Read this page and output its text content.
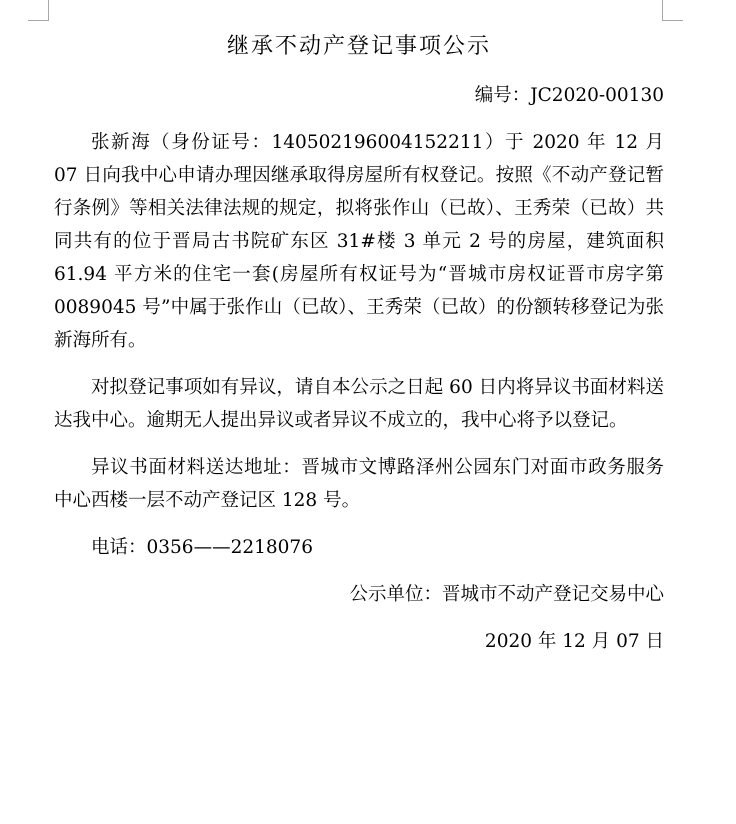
继承不动产登记事项公示

编号：JC2020-00130

张新海（身份证号：140502196004152211）于 2020 年 12 月 07 日向我中心申请办理因继承取得房屋所有权登记。按照《不动产登记暂行条例》等相关法律法规的规定，拟将张作山（已故）、王秀荣（已故）共同共有的位于晋局古书院矿东区 31#楼 3 单元 2 号的房屋，建筑面积 61.94 平方米的住宅一套(房屋所有权证号为“晋城市房权证晋市房字第 0089045 号”中属于张作山（已故）、王秀荣（已故）的份额转移登记为张新海所有。

对拟登记事项如有异议，请自本公示之日起 60 日内将异议书面材料送达我中心。逾期无人提出异议或者异议不成立的，我中心将予以登记。

异议书面材料送达地址：晋城市文博路泽州公园东门对面市政务服务中心西楼一层不动产登记区 128 号。

电话：0356——2218076

公示单位：晋城市不动产登记交易中心

2020 年 12 月 07 日
